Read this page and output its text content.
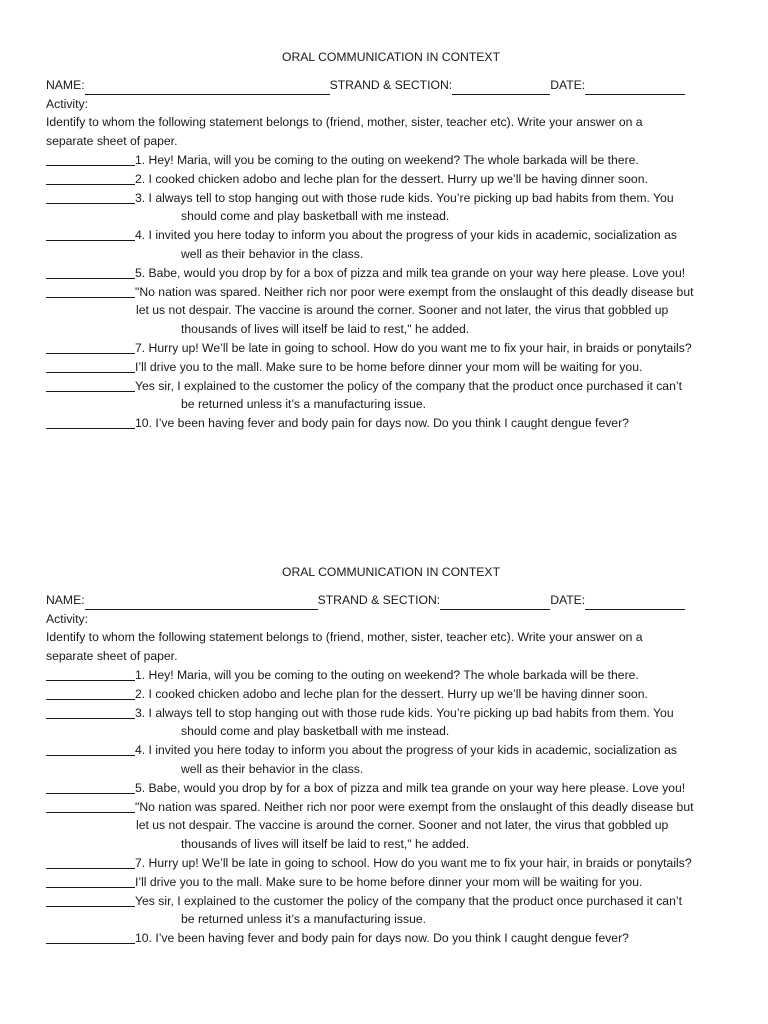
ORAL COMMUNICATION IN CONTEXT
NAME:	STRAND & SECTION:	DATE:
Activity:
Identify to whom the following statement belongs to (friend, mother, sister, teacher etc). Write your answer on a
separate sheet of paper.
1. Hey! Maria, will you be coming to the outing on weekend? The whole barkada will be there.
2. I cooked chicken adobo and leche plan for the dessert. Hurry up we’ll be having dinner soon.
3. I always tell to stop hanging out with those rude kids. You’re picking up bad habits from them. You
should come and play basketball with me instead.
4. I invited you here today to inform you about the progress of your kids in academic, socialization as
well as their behavior in the class.
5. Babe, would you drop by for a box of pizza and milk tea grande on your way here please. Love you!
"No nation was spared. Neither rich nor poor were exempt from the onslaught of this deadly disease but
let us not despair. The vaccine is around the corner. Sooner and not later, the virus that gobbled up
thousands of lives will itself be laid to rest," he added.
7. Hurry up! We’ll be late in going to school. How do you want me to fix your hair, in braids or ponytails?
I’ll drive you to the mall. Make sure to be home before dinner your mom will be waiting for you.
Yes sir, I explained to the customer the policy of the company that the product once purchased it can’t
be returned unless it’s a manufacturing issue.
10. I’ve been having fever and body pain for days now. Do you think I caught dengue fever?
ORAL COMMUNICATION IN CONTEXT
NAME:	STRAND & SECTION:	DATE:
Activity:
Identify to whom the following statement belongs to (friend, mother, sister, teacher etc). Write your answer on a
separate sheet of paper.
1. Hey! Maria, will you be coming to the outing on weekend? The whole barkada will be there.
2. I cooked chicken adobo and leche plan for the dessert. Hurry up we’ll be having dinner soon.
3. I always tell to stop hanging out with those rude kids. You’re picking up bad habits from them. You
should come and play basketball with me instead.
4. I invited you here today to inform you about the progress of your kids in academic, socialization as
well as their behavior in the class.
5. Babe, would you drop by for a box of pizza and milk tea grande on your way here please. Love you!
"No nation was spared. Neither rich nor poor were exempt from the onslaught of this deadly disease but
let us not despair. The vaccine is around the corner. Sooner and not later, the virus that gobbled up
thousands of lives will itself be laid to rest," he added.
7. Hurry up! We’ll be late in going to school. How do you want me to fix your hair, in braids or ponytails?
I’ll drive you to the mall. Make sure to be home before dinner your mom will be waiting for you.
Yes sir, I explained to the customer the policy of the company that the product once purchased it can’t
be returned unless it’s a manufacturing issue.
10. I’ve been having fever and body pain for days now. Do you think I caught dengue fever?
